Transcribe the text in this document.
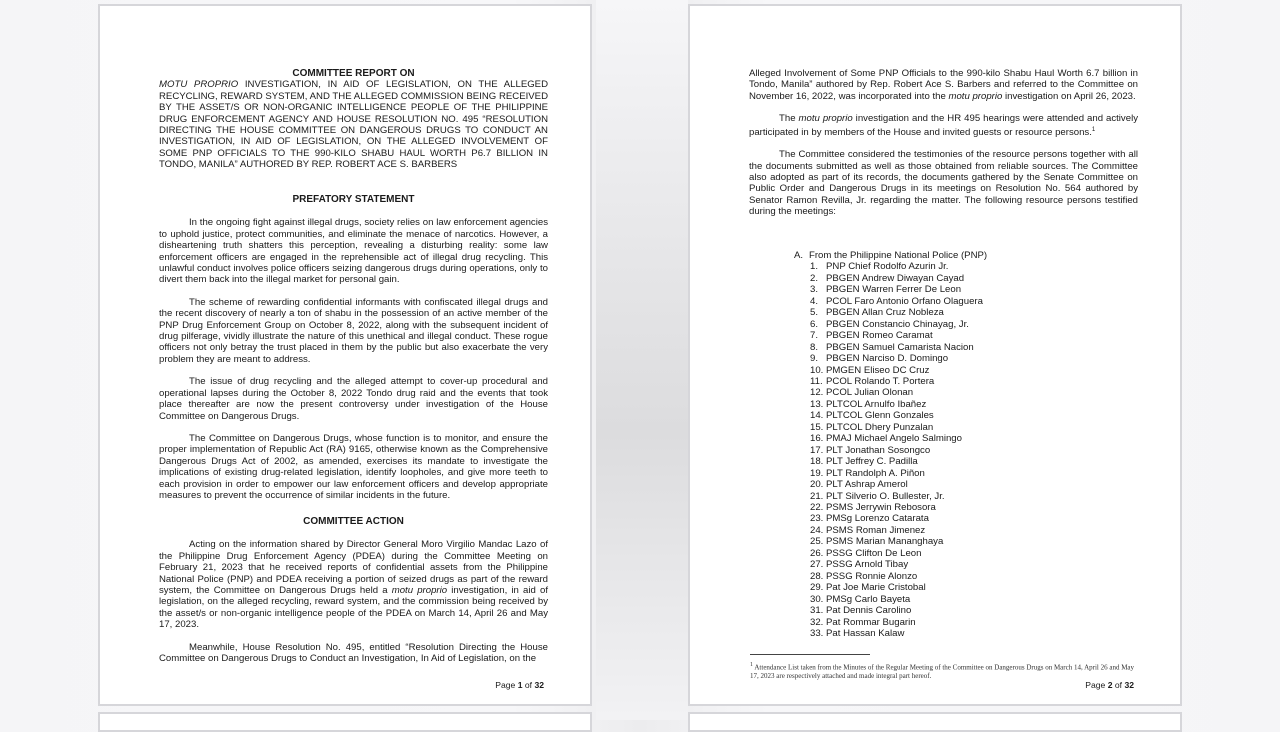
COMMITTEE REPORT ON
MOTU PROPRIO INVESTIGATION, IN AID OF LEGISLATION, ON THE ALLEGED RECYCLING, REWARD SYSTEM, AND THE ALLEGED COMMISSION BEING RECEIVED BY THE ASSET/S OR NON-ORGANIC INTELLIGENCE PEOPLE OF THE PHILIPPINE DRUG ENFORCEMENT AGENCY AND HOUSE RESOLUTION NO. 495 “RESOLUTION DIRECTING THE HOUSE COMMITTEE ON DANGEROUS DRUGS TO CONDUCT AN INVESTIGATION, IN AID OF LEGISLATION, ON THE ALLEGED INVOLVEMENT OF SOME PNP OFFICIALS TO THE 990-KILO SHABU HAUL WORTH P6.7 BILLION IN TONDO, MANILA” AUTHORED BY REP. ROBERT ACE S. BARBERS
PREFATORY STATEMENT

In the ongoing fight against illegal drugs, society relies on law enforcement agencies to uphold justice, protect communities, and eliminate the menace of narcotics. However, a disheartening truth shatters this perception, revealing a disturbing reality: some law enforcement officers are engaged in the reprehensible act of illegal drug recycling. This unlawful conduct involves police officers seizing dangerous drugs during operations, only to divert them back into the illegal market for personal gain.

The scheme of rewarding confidential informants with confiscated illegal drugs and the recent discovery of nearly a ton of shabu in the possession of an active member of the PNP Drug Enforcement Group on October 8, 2022, along with the subsequent incident of drug pilferage, vividly illustrate the nature of this unethical and illegal conduct. These rogue officers not only betray the trust placed in them by the public but also exacerbate the very problem they are meant to address.

The issue of drug recycling and the alleged attempt to cover-up procedural and operational lapses during the October 8, 2022 Tondo drug raid and the events that took place thereafter are now the present controversy under investigation of the House Committee on Dangerous Drugs.

The Committee on Dangerous Drugs, whose function is to monitor, and ensure the proper implementation of Republic Act (RA) 9165, otherwise known as the Comprehensive Dangerous Drugs Act of 2002, as amended, exercises its mandate to investigate the implications of existing drug-related legislation, identify loopholes, and give more teeth to each provision in order to empower our law enforcement officers and develop appropriate measures to prevent the occurrence of similar incidents in the future.

COMMITTEE ACTION

Acting on the information shared by Director General Moro Virgilio Mandac Lazo of the Philippine Drug Enforcement Agency (PDEA) during the Committee Meeting on February 21, 2023 that he received reports of confidential assets from the Philippine National Police (PNP) and PDEA receiving a portion of seized drugs as part of the reward system, the Committee on Dangerous Drugs held a motu proprio investigation, in aid of legislation, on the alleged recycling, reward system, and the commission being received by the asset/s or non-organic intelligence people of the PDEA on March 14, April 26 and May 17, 2023.

Meanwhile, House Resolution No. 495, entitled “Resolution Directing the House Committee on Dangerous Drugs to Conduct an Investigation, In Aid of Legislation, on the

Page 1 of 32

Alleged Involvement of Some PNP Officials to the 990-kilo Shabu Haul Worth 6.7 billion in Tondo, Manila” authored by Rep. Robert Ace S. Barbers and referred to the Committee on November 16, 2022, was incorporated into the motu proprio investigation on April 26, 2023.

The motu proprio investigation and the HR 495 hearings were attended and actively participated in by members of the House and invited guests or resource persons.$^1$

The Committee considered the testimonies of the resource persons together with all the documents submitted as well as those obtained from reliable sources. The Committee also adopted as part of its records, the documents gathered by the Senate Committee on Public Order and Dangerous Drugs in its meetings on Resolution No. 564 authored by Senator Ramon Revilla, Jr. regarding the matter. The following resource persons testified during the meetings:

A. From the Philippine National Police (PNP)
1. PNP Chief Rodolfo Azurin Jr.
2. PBGEN Andrew Diwayan Cayad
3. PBGEN Warren Ferrer De Leon
4. PCOL Faro Antonio Orfano Olaguera
5. PBGEN Allan Cruz Nobleza
6. PBGEN Constancio Chinayag, Jr.
7. PBGEN Romeo Caramat
8. PBGEN Samuel Camarista Nacion
9. PBGEN Narciso D. Domingo
10. PMGEN Eliseo DC Cruz
11. PCOL Rolando T. Portera
12. PCOL Julian Olonan
13. PLTCOL Arnulfo Ibañez
14. PLTCOL Glenn Gonzales
15. PLTCOL Dhery Punzalan
16. PMAJ Michael Angelo Salmingo
17. PLT Jonathan Sosongco
18. PLT Jeffrey C. Padilla
19. PLT Randolph A. Piñon
20. PLT Ashrap Amerol
21. PLT Silverio O. Bullester, Jr.
22. PSMS Jerrywin Rebosora
23. PMSg Lorenzo Catarata
24. PSMS Roman Jimenez
25. PSMS Marian Mananghaya
26. PSSG Clifton De Leon
27. PSSG Arnold Tibay
28. PSSG Ronnie Alonzo
29. Pat Joe Marie Cristobal
30. PMSg Carlo Bayeta
31. Pat Dennis Carolino
32. Pat Rommar Bugarin
33. Pat Hassan Kalaw
$^1$ Attendance List taken from the Minutes of the Regular Meeting of the Committee on Dangerous Drugs on March 14, April 26 and May 17, 2023 are respectively attached and made integral part hereof.
Page 2 of 32
